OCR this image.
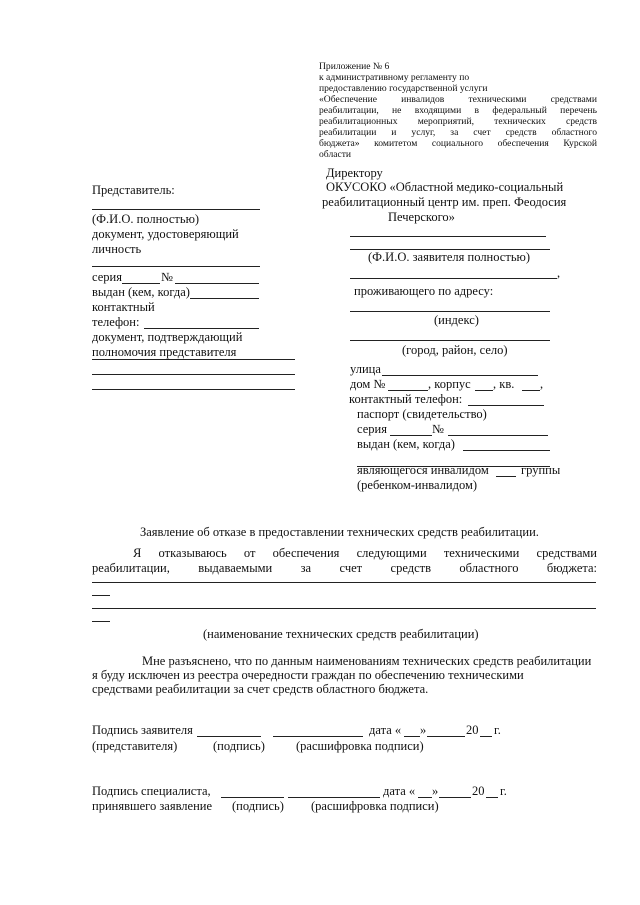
Приложение № 6
к административному регламенту по
предоставлению государственной услуги
«Обеспечение инвалидов техническими средствами
реабилитации, не входящими в федеральный перечень
реабилитационных мероприятий, технических средств
реабилитации и услуг, за счет средств областного
бюджета» комитетом социального обеспечения Курской
области
Директору
ОКУСОКО «Областной медико-социальный
реабилитационный центр им. преп. Феодосия
Печерского»
(Ф.И.О. заявителя полностью)
,
проживающего по адресу:
(индекс)
(город, район, село)
улица
дом №	, корпус , кв. ,
контактный телефон:
паспорт (свидетельство)
серия	№
выдан (кем, когда)
являющегося инвалидом	группы
(ребенком-инвалидом)
Представитель:
(Ф.И.О. полностью)
документ, удостоверяющий
личность
серия	№
выдан (кем, когда)
контактный
телефон:
документ, подтверждающий
полномочия представителя
Заявление об отказе в предоставлении технических средств реабилитации.
Я отказываюсь от обеспечения следующими техническими средствами
реабилитации, выдаваемыми за счет средств областного бюджета:
(наименование технических средств реабилитации)
Мне разъяснено, что по данным наименованиям технических средств реабилитации
я буду исключен из реестра очередности граждан по обеспечению техническими
средствами реабилитации за счет средств областного бюджета.
Подпись заявителя	дата « »	20 г.
(представителя)	(подпись) (расшифровка подписи)
Подпись специалиста,	дата « »	20 г.
принявшего заявление (подпись) (расшифровка подписи)
